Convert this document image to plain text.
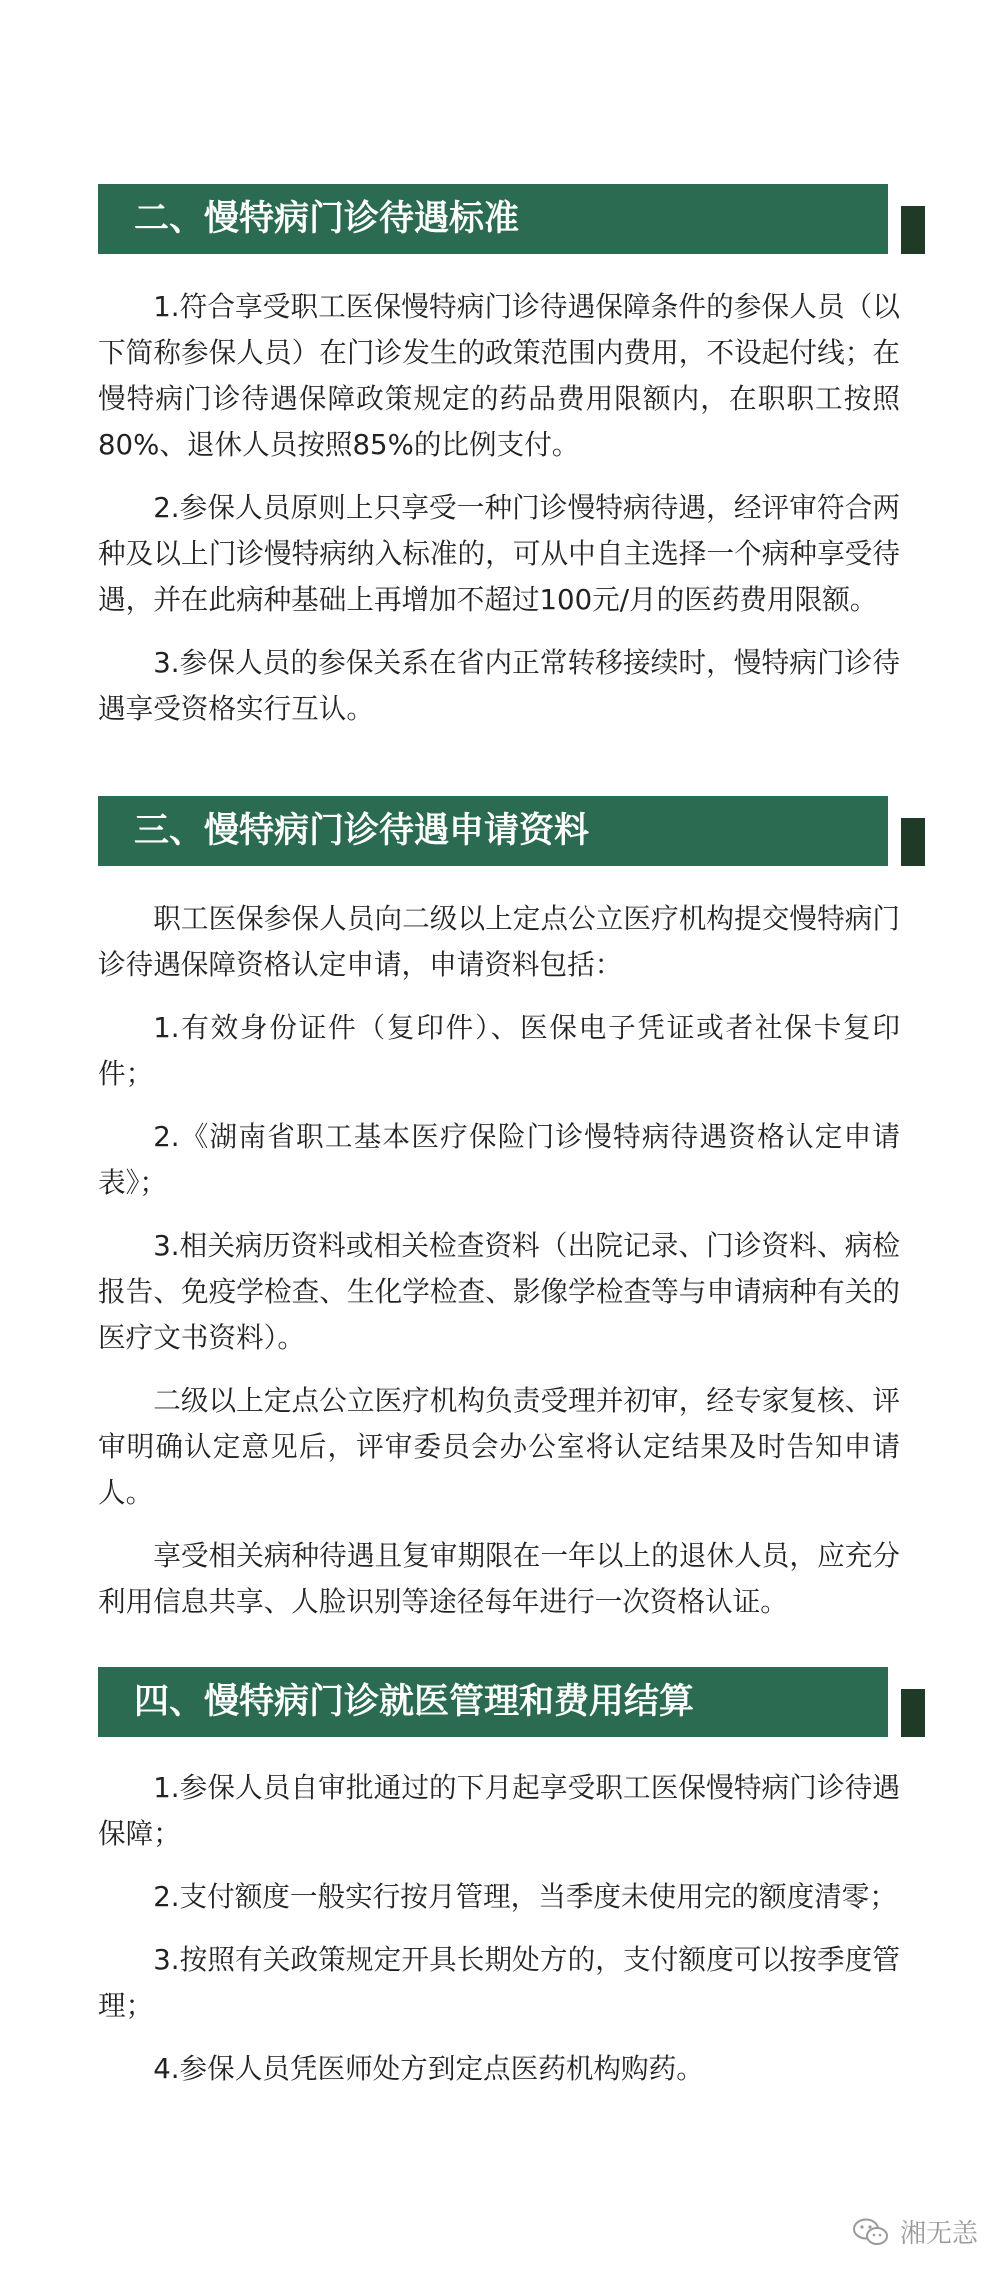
二、慢特病门诊待遇标准

1.符合享受职工医保慢特病门诊待遇保障条件的参保人员（以下简称参保人员）在门诊发生的政策范围内费用，不设起付线；在慢特病门诊待遇保障政策规定的药品费用限额内，在职职工按照80%、退休人员按照85%的比例支付。

2.参保人员原则上只享受一种门诊慢特病待遇，经评审符合两种及以上门诊慢特病纳入标准的，可从中自主选择一个病种享受待遇，并在此病种基础上再增加不超过100元/月的医药费用限额。

3.参保人员的参保关系在省内正常转移接续时，慢特病门诊待遇享受资格实行互认。

三、慢特病门诊待遇申请资料

职工医保参保人员向二级以上定点公立医疗机构提交慢特病门诊待遇保障资格认定申请，申请资料包括：

1.有效身份证件（复印件）、医保电子凭证或者社保卡复印件；

2.《湖南省职工基本医疗保险门诊慢特病待遇资格认定申请表》；

3.相关病历资料或相关检查资料（出院记录、门诊资料、病检报告、免疫学检查、生化学检查、影像学检查等与申请病种有关的医疗文书资料）。

二级以上定点公立医疗机构负责受理并初审，经专家复核、评审明确认定意见后，评审委员会办公室将认定结果及时告知申请人。

享受相关病种待遇且复审期限在一年以上的退休人员，应充分利用信息共享、人脸识别等途径每年进行一次资格认证。

四、慢特病门诊就医管理和费用结算

1.参保人员自审批通过的下月起享受职工医保慢特病门诊待遇保障；

2.支付额度一般实行按月管理，当季度未使用完的额度清零；

3.按照有关政策规定开具长期处方的，支付额度可以按季度管理；

4.参保人员凭医师处方到定点医药机构购药。

湘无恙
